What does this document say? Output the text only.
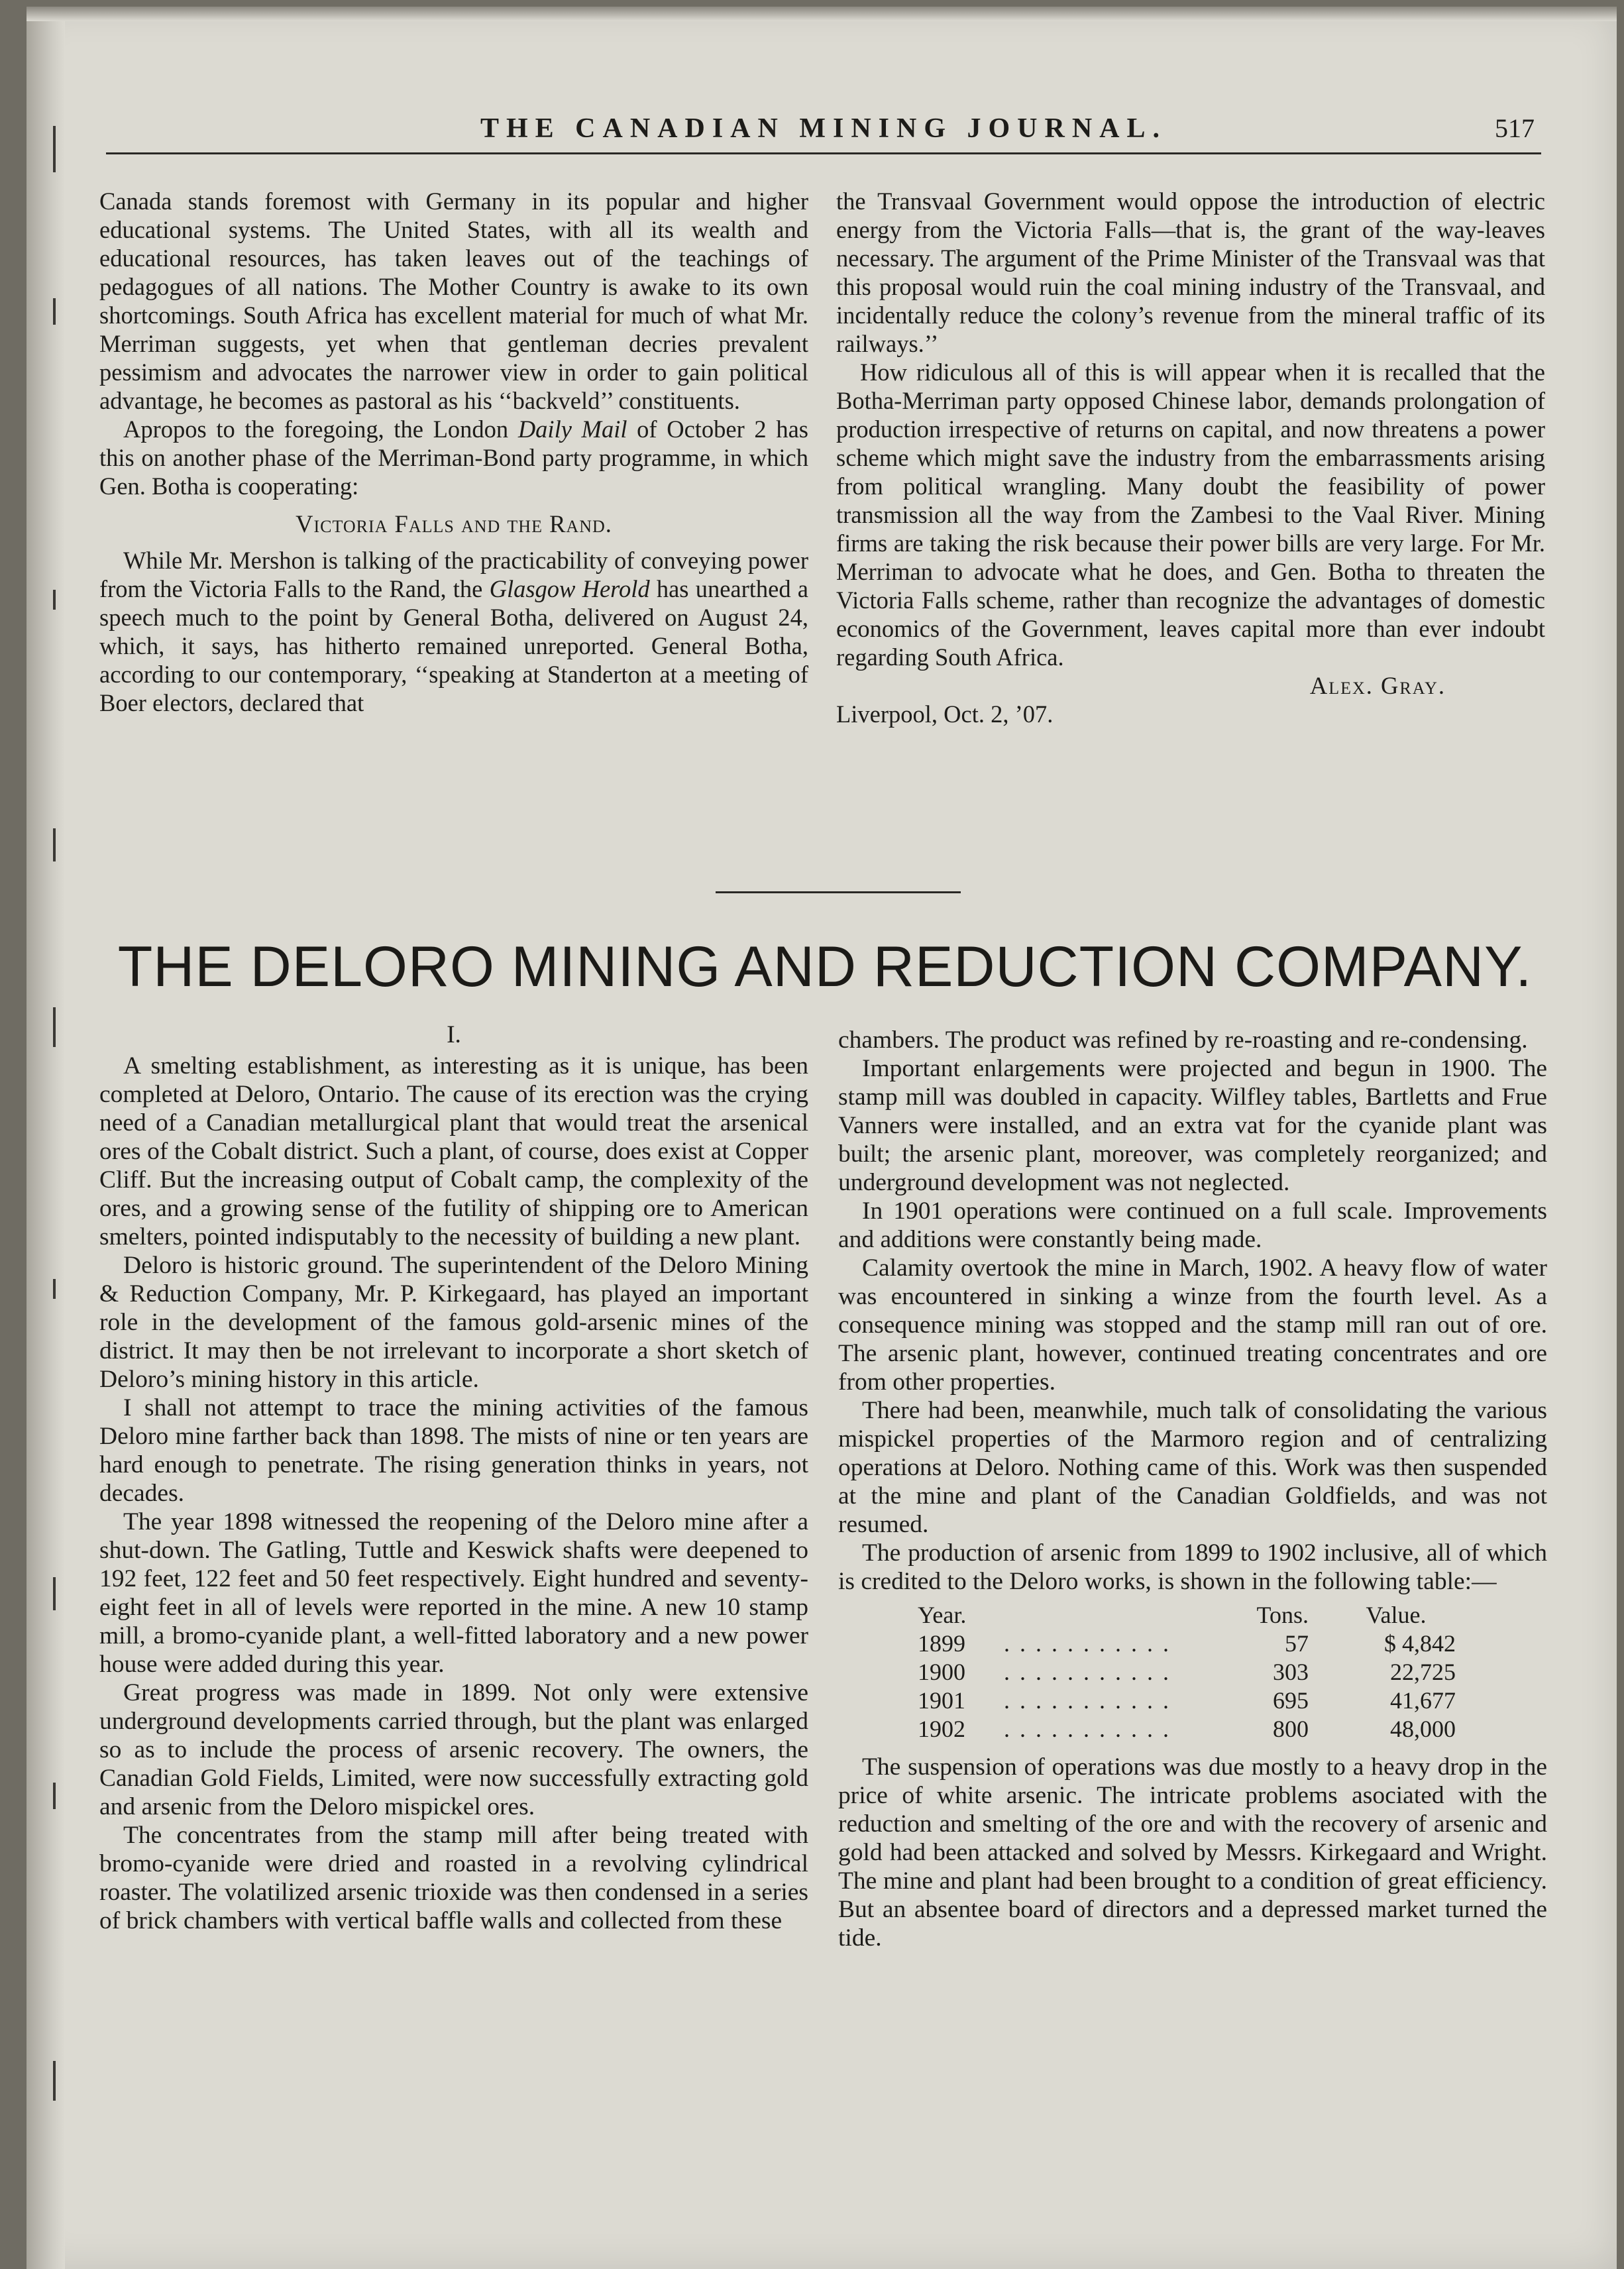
THE CANADIAN MINING JOURNAL.	517

Canada stands foremost with Germany in its popular and higher educational systems. The United States, with all its wealth and educational resources, has taken leaves out of the teachings of pedagogues of all nations. The Mother Country is awake to its own shortcomings. South Africa has excellent material for much of what Mr. Merriman suggests, yet when that gentleman decries prevalent pessimism and advocates the narrower view in order to gain political advantage, he becomes as pastoral as his ‘‘backveld’’ constituents.

Apropos to the foregoing, the London Daily Mail of October 2 has this on another phase of the Merriman-Bond party programme, in which Gen. Botha is cooperating:

Victoria Falls and the Rand.

While Mr. Mershon is talking of the practicability of conveying power from the Victoria Falls to the Rand, the Glasgow Herold has unearthed a speech much to the point by General Botha, delivered on August 24, which, it says, has hitherto remained unreported. General Botha, according to our contemporary, ‘‘speaking at Standerton at a meeting of Boer electors, declared that

the Transvaal Government would oppose the introduction of electric energy from the Victoria Falls—that is, the grant of the way-leaves necessary. The argument of the Prime Minister of the Transvaal was that this proposal would ruin the coal mining industry of the Transvaal, and incidentally reduce the colony’s revenue from the mineral traffic of its railways.’’

How ridiculous all of this is will appear when it is recalled that the Botha-Merriman party opposed Chinese labor, demands prolongation of production irrespective of returns on capital, and now threatens a power scheme which might save the industry from the embarrassments arising from political wrangling. Many doubt the feasibility of power transmission all the way from the Zambesi to the Vaal River. Mining firms are taking the risk because their power bills are very large. For Mr. Merriman to advocate what he does, and Gen. Botha to threaten the Victoria Falls scheme, rather than recognize the advantages of domestic economics of the Government, leaves capital more than ever indoubt regarding South Africa.

Alex. Gray.

Liverpool, Oct. 2, ’07.

THE DELORO MINING AND REDUCTION COMPANY.

I.

A smelting establishment, as interesting as it is unique, has been completed at Deloro, Ontario. The cause of its erection was the crying need of a Canadian metallurgical plant that would treat the arsenical ores of the Cobalt district. Such a plant, of course, does exist at Copper Cliff. But the increasing output of Cobalt camp, the complexity of the ores, and a growing sense of the futility of shipping ore to American smelters, pointed indisputably to the necessity of building a new plant.

Deloro is historic ground. The superintendent of the Deloro Mining & Reduction Company, Mr. P. Kirkegaard, has played an important role in the development of the famous gold-arsenic mines of the district. It may then be not irrelevant to incorporate a short sketch of Deloro’s mining history in this article.

I shall not attempt to trace the mining activities of the famous Deloro mine farther back than 1898. The mists of nine or ten years are hard enough to penetrate. The rising generation thinks in years, not decades.

The year 1898 witnessed the reopening of the Deloro mine after a shut-down. The Gatling, Tuttle and Keswick shafts were deepened to 192 feet, 122 feet and 50 feet respectively. Eight hundred and seventy-eight feet in all of levels were reported in the mine. A new 10 stamp mill, a bromo-cyanide plant, a well-fitted laboratory and a new power house were added during this year.

Great progress was made in 1899. Not only were extensive underground developments carried through, but the plant was enlarged so as to include the process of arsenic recovery. The owners, the Canadian Gold Fields, Limited, were now successfully extracting gold and arsenic from the Deloro mispickel ores.

The concentrates from the stamp mill after being treated with bromo-cyanide were dried and roasted in a revolving cylindrical roaster. The volatilized arsenic trioxide was then condensed in a series of brick chambers with vertical baffle walls and collected from these

chambers. The product was refined by re-roasting and re-condensing.

Important enlargements were projected and begun in 1900. The stamp mill was doubled in capacity. Wilfley tables, Bartletts and Frue Vanners were installed, and an extra vat for the cyanide plant was built; the arsenic plant, moreover, was completely reorganized; and underground development was not neglected.

In 1901 operations were continued on a full scale. Improvements and additions were constantly being made.

Calamity overtook the mine in March, 1902. A heavy flow of water was encountered in sinking a winze from the fourth level. As a consequence mining was stopped and the stamp mill ran out of ore. The arsenic plant, however, continued treating concentrates and ore from other properties.

There had been, meanwhile, much talk of consolidating the various mispickel properties of the Marmoro region and of centralizing operations at Deloro. Nothing came of this. Work was then suspended at the mine and plant of the Canadian Goldfields, and was not resumed.

The production of arsenic from 1899 to 1902 inclusive, all of which is credited to the Deloro works, is shown in the following table:—

Year.		Tons.	Value.
1899	. . . . . . . . . . .	57	$ 4,842
1900	. . . . . . . . . . .	303	22,725
1901	. . . . . . . . . . .	695	41,677
1902	. . . . . . . . . . .	800	48,000

The suspension of operations was due mostly to a heavy drop in the price of white arsenic. The intricate problems asociated with the reduction and smelting of the ore and with the recovery of arsenic and gold had been attacked and solved by Messrs. Kirkegaard and Wright. The mine and plant had been brought to a condition of great efficiency. But an absentee board of directors and a depressed market turned the tide.
